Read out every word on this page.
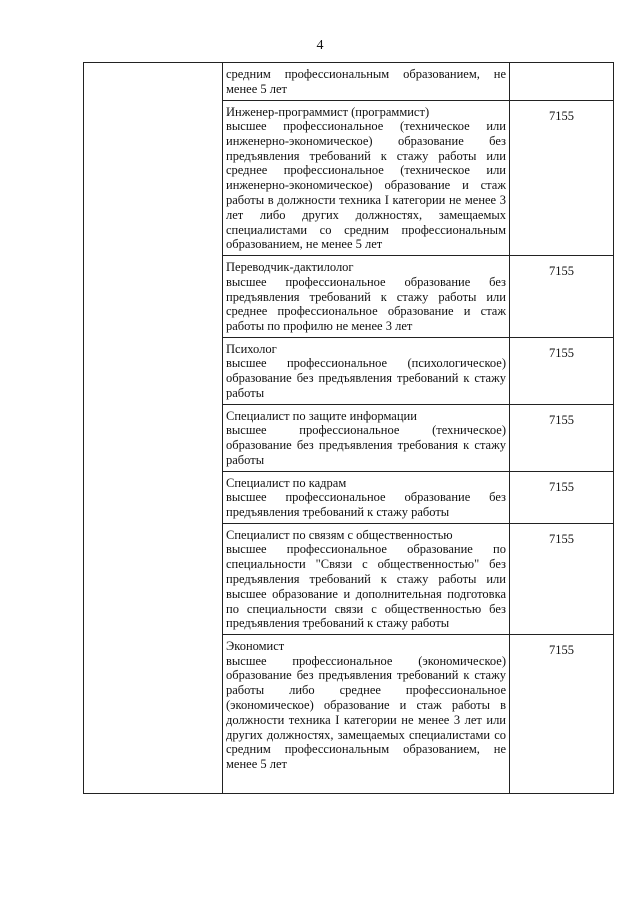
4

	средним профессиональным образованием, не менее 5 лет	

	Инженер-программист (программист)
высшее профессиональное (техническое или инженерно-экономическое) образование без предъявления требований к стажу работы или среднее профессиональное (техническое или инженерно-экономическое) образование и стаж работы в должности техника I категории не менее 3 лет либо других должностях, замещаемых специалистами со средним профессиональным образованием, не менее 5 лет	7155

	Переводчик-дактилолог
высшее профессиональное образование без предъявления требований к стажу работы или среднее профессиональное образование и стаж работы по профилю не менее 3 лет	7155

	Психолог
высшее профессиональное (психологическое) образование без предъявления требований к стажу работы	7155

	Специалист по защите информации
высшее профессиональное (техническое) образование без предъявления требования к стажу работы	7155

	Специалист по кадрам
высшее профессиональное образование без предъявления требований к стажу работы	7155

	Специалист по связям с общественностью
высшее профессиональное образование по специальности "Связи с общественностью" без предъявления требований к стажу работы или высшее образование и дополнительная подготовка по специальности связи с общественностью без предъявления требований к стажу работы	7155

	Экономист
высшее профессиональное (экономическое) образование без предъявления требований к стажу работы либо среднее профессиональное (экономическое) образование и стаж работы в должности техника I категории не менее 3 лет или других должностях, замещаемых специалистами со средним профессиональным образованием, не менее 5 лет	7155
